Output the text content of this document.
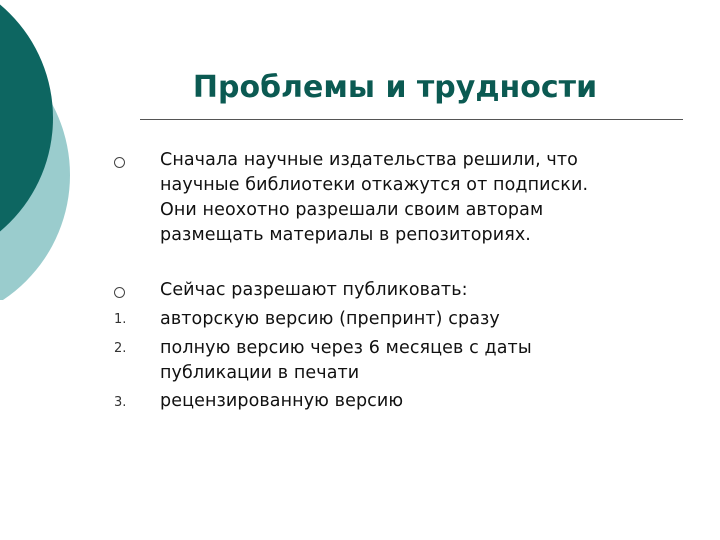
Проблемы и трудности
Сначала научные издательства решили, что
научные библиотеки откажутся от подписки.
Они неохотно разрешали своим авторам
размещать материалы в репозиториях.
Сейчас разрешают публиковать:
1. авторскую версию (препринт) сразу
2. полную версию через 6 месяцев с даты
публикации в печати
3. рецензированную версию
